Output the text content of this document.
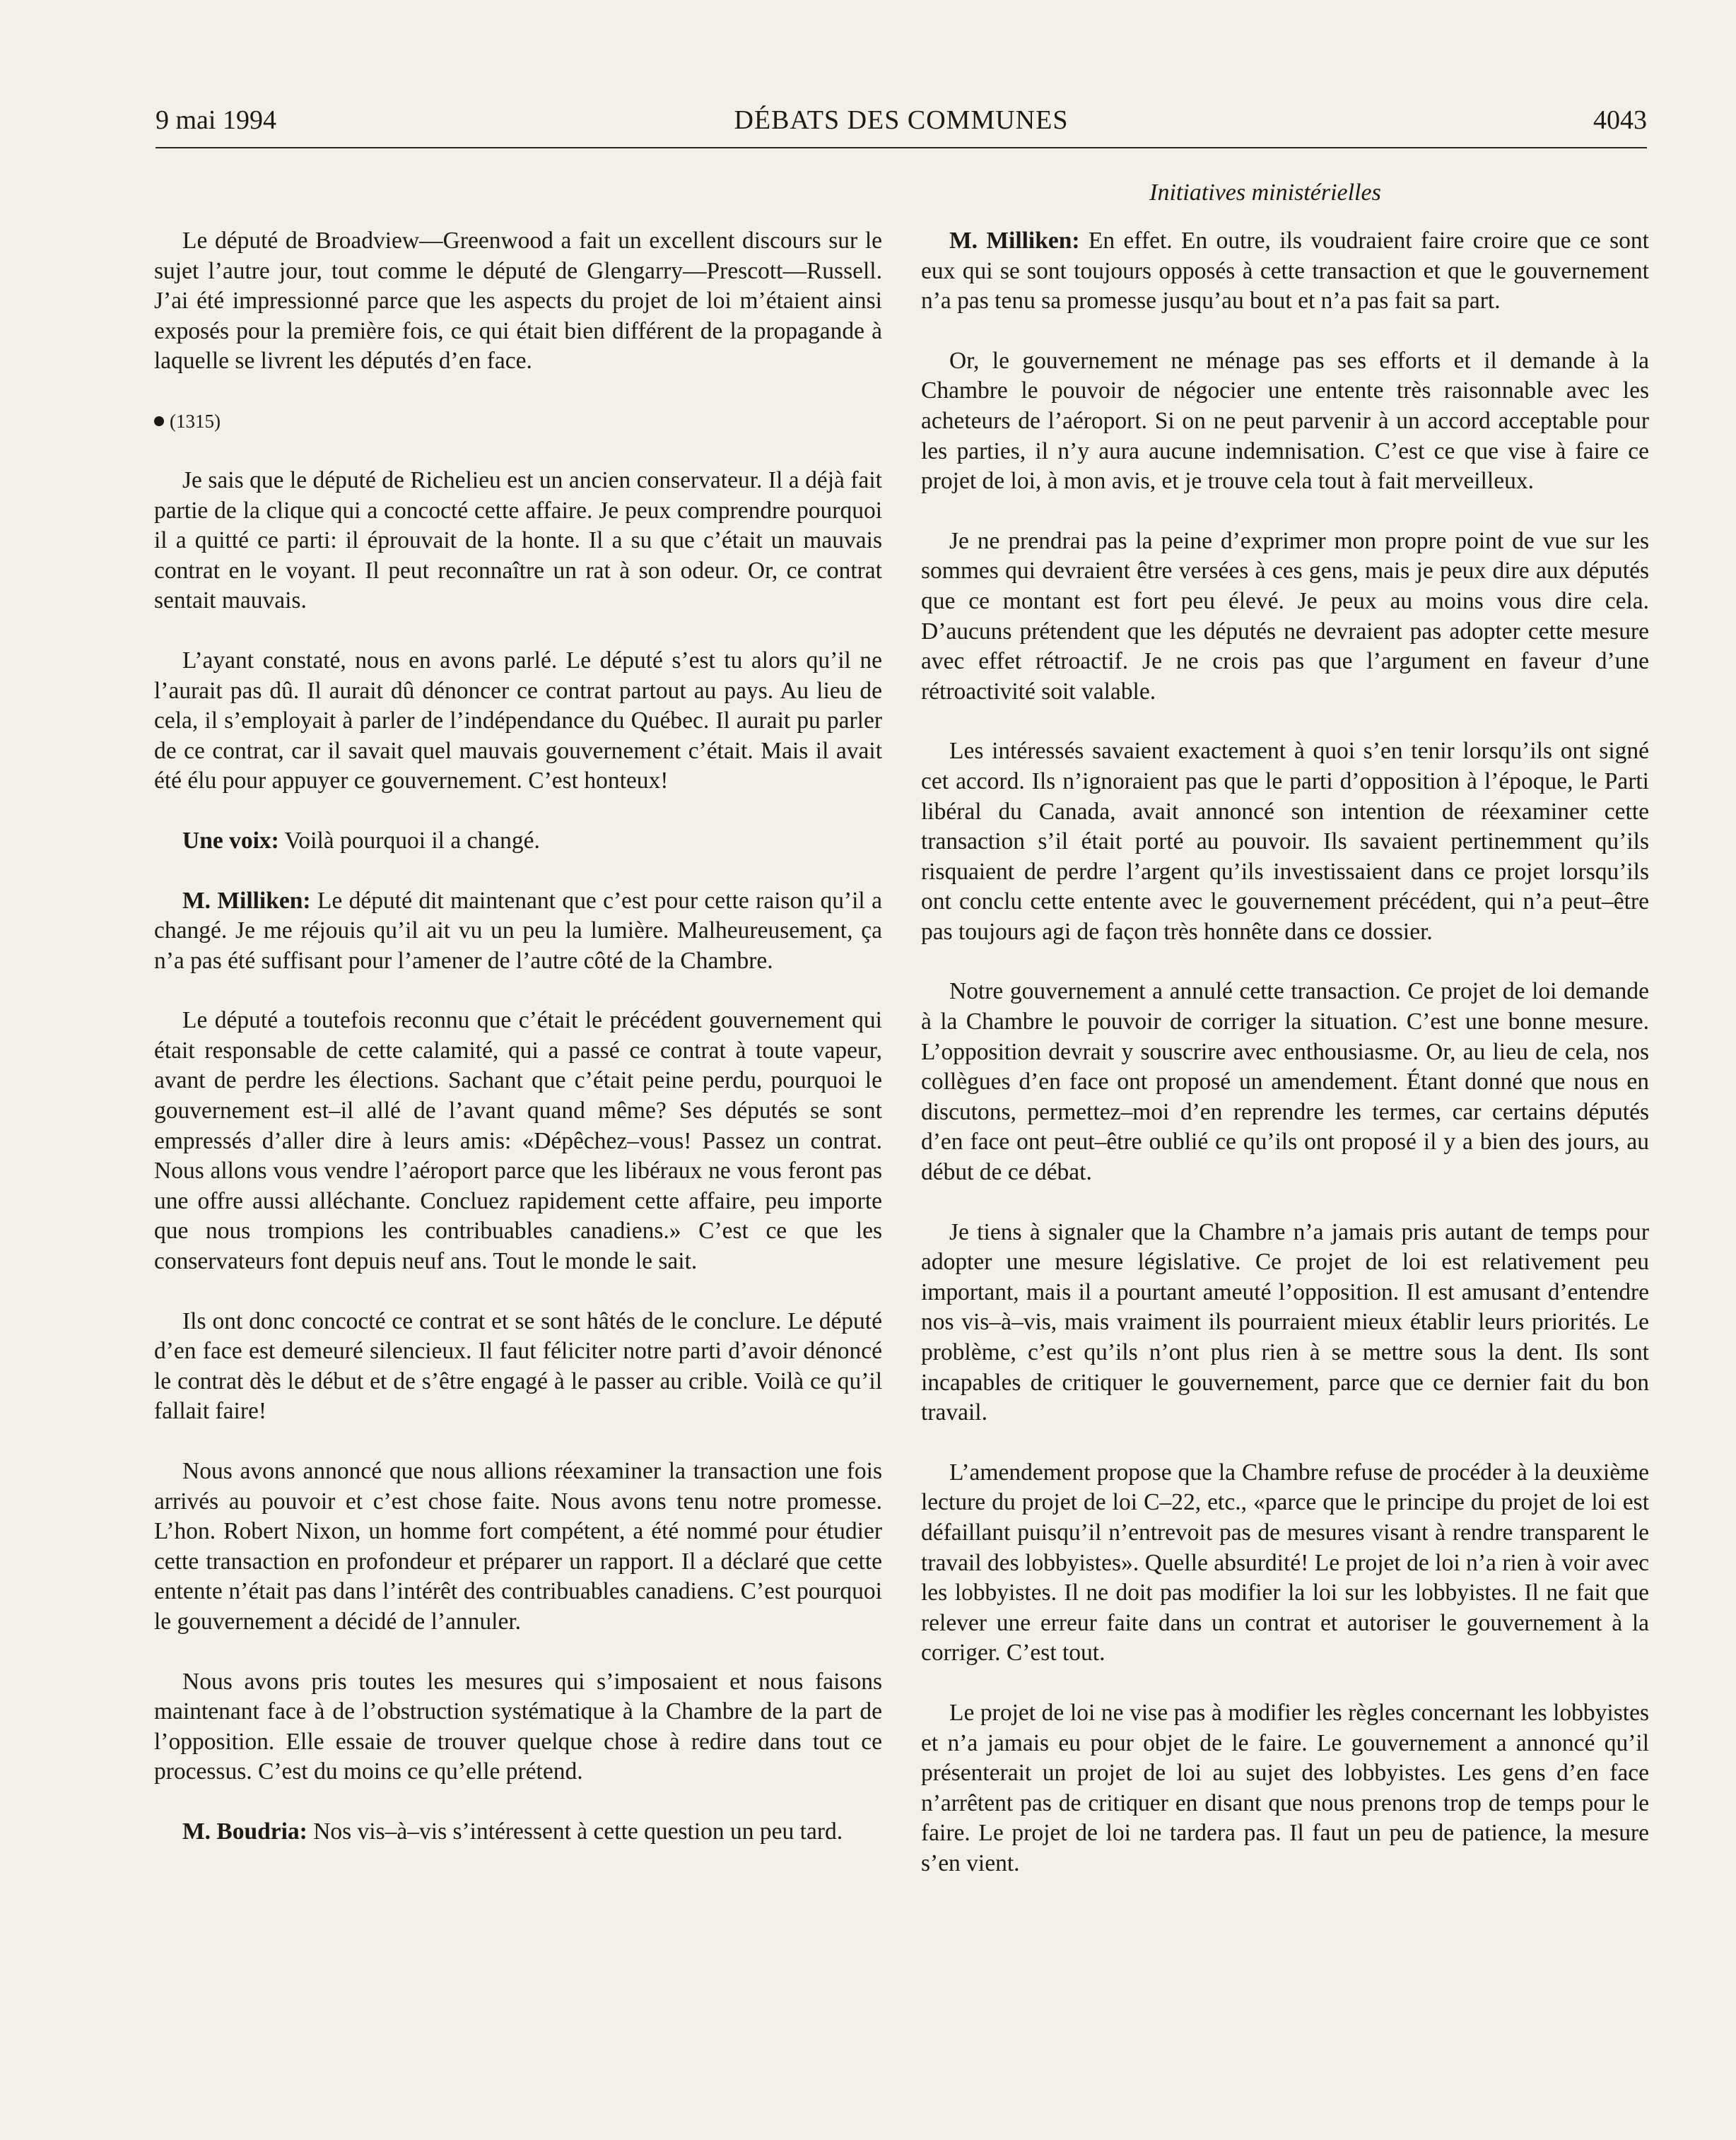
9 mai 1994	DÉBATS DES COMMUNES	4043
Initiatives ministérielles

Le député de Broadview—Greenwood a fait un excellent discours sur le sujet l’autre jour, tout comme le député de Glengarry—Prescott—Russell. J’ai été impressionné parce que les aspects du projet de loi m’étaient ainsi exposés pour la première fois, ce qui était bien différent de la propagande à laquelle se livrent les députés d’en face.

(1315)

Je sais que le député de Richelieu est un ancien conservateur. Il a déjà fait partie de la clique qui a concocté cette affaire. Je peux comprendre pourquoi il a quitté ce parti: il éprouvait de la honte. Il a su que c’était un mauvais contrat en le voyant. Il peut reconnaître un rat à son odeur. Or, ce contrat sentait mauvais.

L’ayant constaté, nous en avons parlé. Le député s’est tu alors qu’il ne l’aurait pas dû. Il aurait dû dénoncer ce contrat partout au pays. Au lieu de cela, il s’employait à parler de l’indépendance du Québec. Il aurait pu parler de ce contrat, car il savait quel mauvais gouvernement c’était. Mais il avait été élu pour appuyer ce gouvernement. C’est honteux!

Une voix: Voilà pourquoi il a changé.

M. Milliken: Le député dit maintenant que c’est pour cette raison qu’il a changé. Je me réjouis qu’il ait vu un peu la lumière. Malheureusement, ça n’a pas été suffisant pour l’amener de l’autre côté de la Chambre.

Le député a toutefois reconnu que c’était le précédent gouvernement qui était responsable de cette calamité, qui a passé ce contrat à toute vapeur, avant de perdre les élections. Sachant que c’était peine perdu, pourquoi le gouvernement est–il allé de l’avant quand même? Ses députés se sont empressés d’aller dire à leurs amis: «Dépêchez–vous! Passez un contrat. Nous allons vous vendre l’aéroport parce que les libéraux ne vous feront pas une offre aussi alléchante. Concluez rapidement cette affaire, peu importe que nous trompions les contribuables canadiens.» C’est ce que les conservateurs font depuis neuf ans. Tout le monde le sait.

Ils ont donc concocté ce contrat et se sont hâtés de le conclure. Le député d’en face est demeuré silencieux. Il faut féliciter notre parti d’avoir dénoncé le contrat dès le début et de s’être engagé à le passer au crible. Voilà ce qu’il fallait faire!

Nous avons annoncé que nous allions réexaminer la transaction une fois arrivés au pouvoir et c’est chose faite. Nous avons tenu notre promesse. L’hon. Robert Nixon, un homme fort compétent, a été nommé pour étudier cette transaction en profondeur et préparer un rapport. Il a déclaré que cette entente n’était pas dans l’intérêt des contribuables canadiens. C’est pourquoi le gouvernement a décidé de l’annuler.

Nous avons pris toutes les mesures qui s’imposaient et nous faisons maintenant face à de l’obstruction systématique à la Chambre de la part de l’opposition. Elle essaie de trouver quelque chose à redire dans tout ce processus. C’est du moins ce qu’elle prétend.

M. Boudria: Nos vis–à–vis s’intéressent à cette question un peu tard.

M. Milliken: En effet. En outre, ils voudraient faire croire que ce sont eux qui se sont toujours opposés à cette transaction et que le gouvernement n’a pas tenu sa promesse jusqu’au bout et n’a pas fait sa part.

Or, le gouvernement ne ménage pas ses efforts et il demande à la Chambre le pouvoir de négocier une entente très raisonnable avec les acheteurs de l’aéroport. Si on ne peut parvenir à un accord acceptable pour les parties, il n’y aura aucune indemnisation. C’est ce que vise à faire ce projet de loi, à mon avis, et je trouve cela tout à fait merveilleux.

Je ne prendrai pas la peine d’exprimer mon propre point de vue sur les sommes qui devraient être versées à ces gens, mais je peux dire aux députés que ce montant est fort peu élevé. Je peux au moins vous dire cela. D’aucuns prétendent que les députés ne devraient pas adopter cette mesure avec effet rétroactif. Je ne crois pas que l’argument en faveur d’une rétroactivité soit valable.

Les intéressés savaient exactement à quoi s’en tenir lorsqu’ils ont signé cet accord. Ils n’ignoraient pas que le parti d’opposition à l’époque, le Parti libéral du Canada, avait annoncé son intention de réexaminer cette transaction s’il était porté au pouvoir. Ils savaient pertinemment qu’ils risquaient de perdre l’argent qu’ils investissaient dans ce projet lorsqu’ils ont conclu cette entente avec le gouvernement précédent, qui n’a peut–être pas toujours agi de façon très honnête dans ce dossier.

Notre gouvernement a annulé cette transaction. Ce projet de loi demande à la Chambre le pouvoir de corriger la situation. C’est une bonne mesure. L’opposition devrait y souscrire avec enthousiasme. Or, au lieu de cela, nos collègues d’en face ont proposé un amendement. Étant donné que nous en discutons, permettez–moi d’en reprendre les termes, car certains députés d’en face ont peut–être oublié ce qu’ils ont proposé il y a bien des jours, au début de ce débat.

Je tiens à signaler que la Chambre n’a jamais pris autant de temps pour adopter une mesure législative. Ce projet de loi est relativement peu important, mais il a pourtant ameuté l’opposition. Il est amusant d’entendre nos vis–à–vis, mais vraiment ils pourraient mieux établir leurs priorités. Le problème, c’est qu’ils n’ont plus rien à se mettre sous la dent. Ils sont incapables de critiquer le gouvernement, parce que ce dernier fait du bon travail.

L’amendement propose que la Chambre refuse de procéder à la deuxième lecture du projet de loi C–22, etc., «parce que le principe du projet de loi est défaillant puisqu’il n’entrevoit pas de mesures visant à rendre transparent le travail des lobbyistes». Quelle absurdité! Le projet de loi n’a rien à voir avec les lobbyistes. Il ne doit pas modifier la loi sur les lobbyistes. Il ne fait que relever une erreur faite dans un contrat et autoriser le gouvernement à la corriger. C’est tout.

Le projet de loi ne vise pas à modifier les règles concernant les lobbyistes et n’a jamais eu pour objet de le faire. Le gouvernement a annoncé qu’il présenterait un projet de loi au sujet des lobbyistes. Les gens d’en face n’arrêtent pas de critiquer en disant que nous prenons trop de temps pour le faire. Le projet de loi ne tardera pas. Il faut un peu de patience, la mesure s’en vient.
